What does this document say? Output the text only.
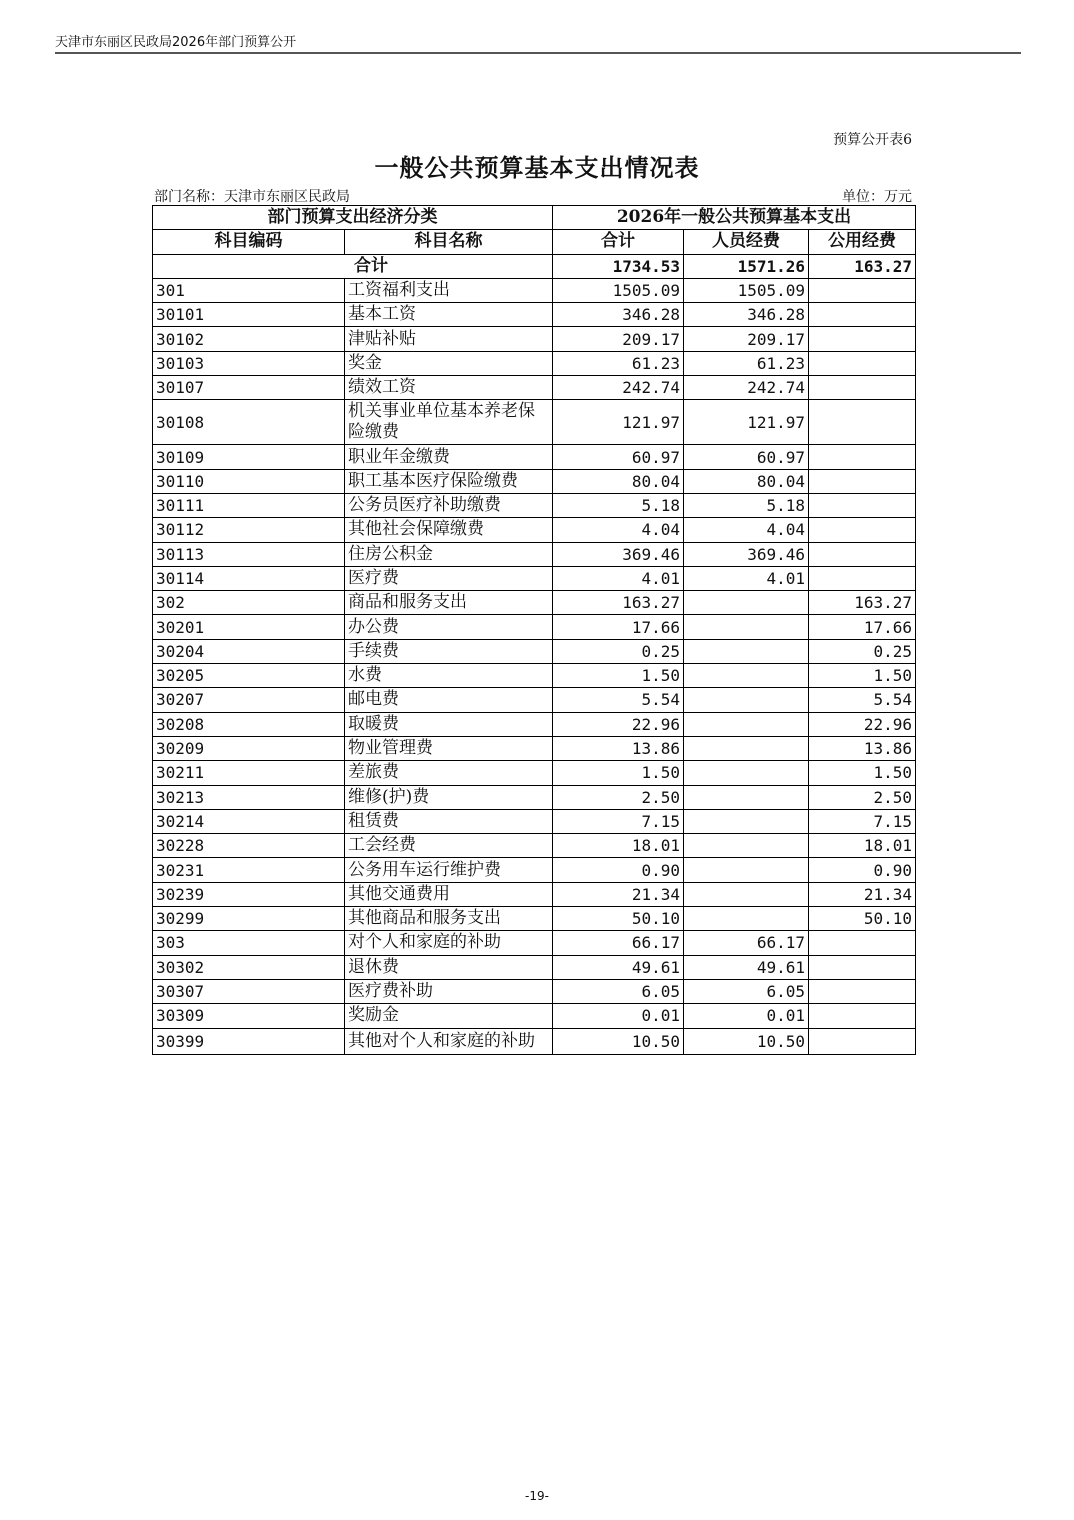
天津市东丽区民政局2026年部门预算公开
预算公开表6
一般公共预算基本支出情况表
部门名称：天津市东丽区民政局	单位：万元
部门预算支出经济分类		2026年一般公共预算基本支出		
科目编码	科目名称	合计	人员经费	公用经费
合计		1734.53	1571.26	163.27
301	工资福利支出	1505.09	1505.09	
30101	基本工资	346.28	346.28	
30102	津贴补贴	209.17	209.17	
30103	奖金	61.23	61.23	
30107	绩效工资	242.74	242.74	
30108	机关事业单位基本养老保险缴费	121.97	121.97	
30109	职业年金缴费	60.97	60.97	
30110	职工基本医疗保险缴费	80.04	80.04	
30111	公务员医疗补助缴费	5.18	5.18	
30112	其他社会保障缴费	4.04	4.04	
30113	住房公积金	369.46	369.46	
30114	医疗费	4.01	4.01	
302	商品和服务支出	163.27		163.27
30201	办公费	17.66		17.66
30204	手续费	0.25		0.25
30205	水费	1.50		1.50
30207	邮电费	5.54		5.54
30208	取暖费	22.96		22.96
30209	物业管理费	13.86		13.86
30211	差旅费	1.50		1.50
30213	维修(护)费	2.50		2.50
30214	租赁费	7.15		7.15
30228	工会经费	18.01		18.01
30231	公务用车运行维护费	0.90		0.90
30239	其他交通费用	21.34		21.34
30299	其他商品和服务支出	50.10		50.10
303	对个人和家庭的补助	66.17	66.17	
30302	退休费	49.61	49.61	
30307	医疗费补助	6.05	6.05	
30309	奖励金	0.01	0.01	
30399	其他对个人和家庭的补助	10.50	10.50	
-19-
